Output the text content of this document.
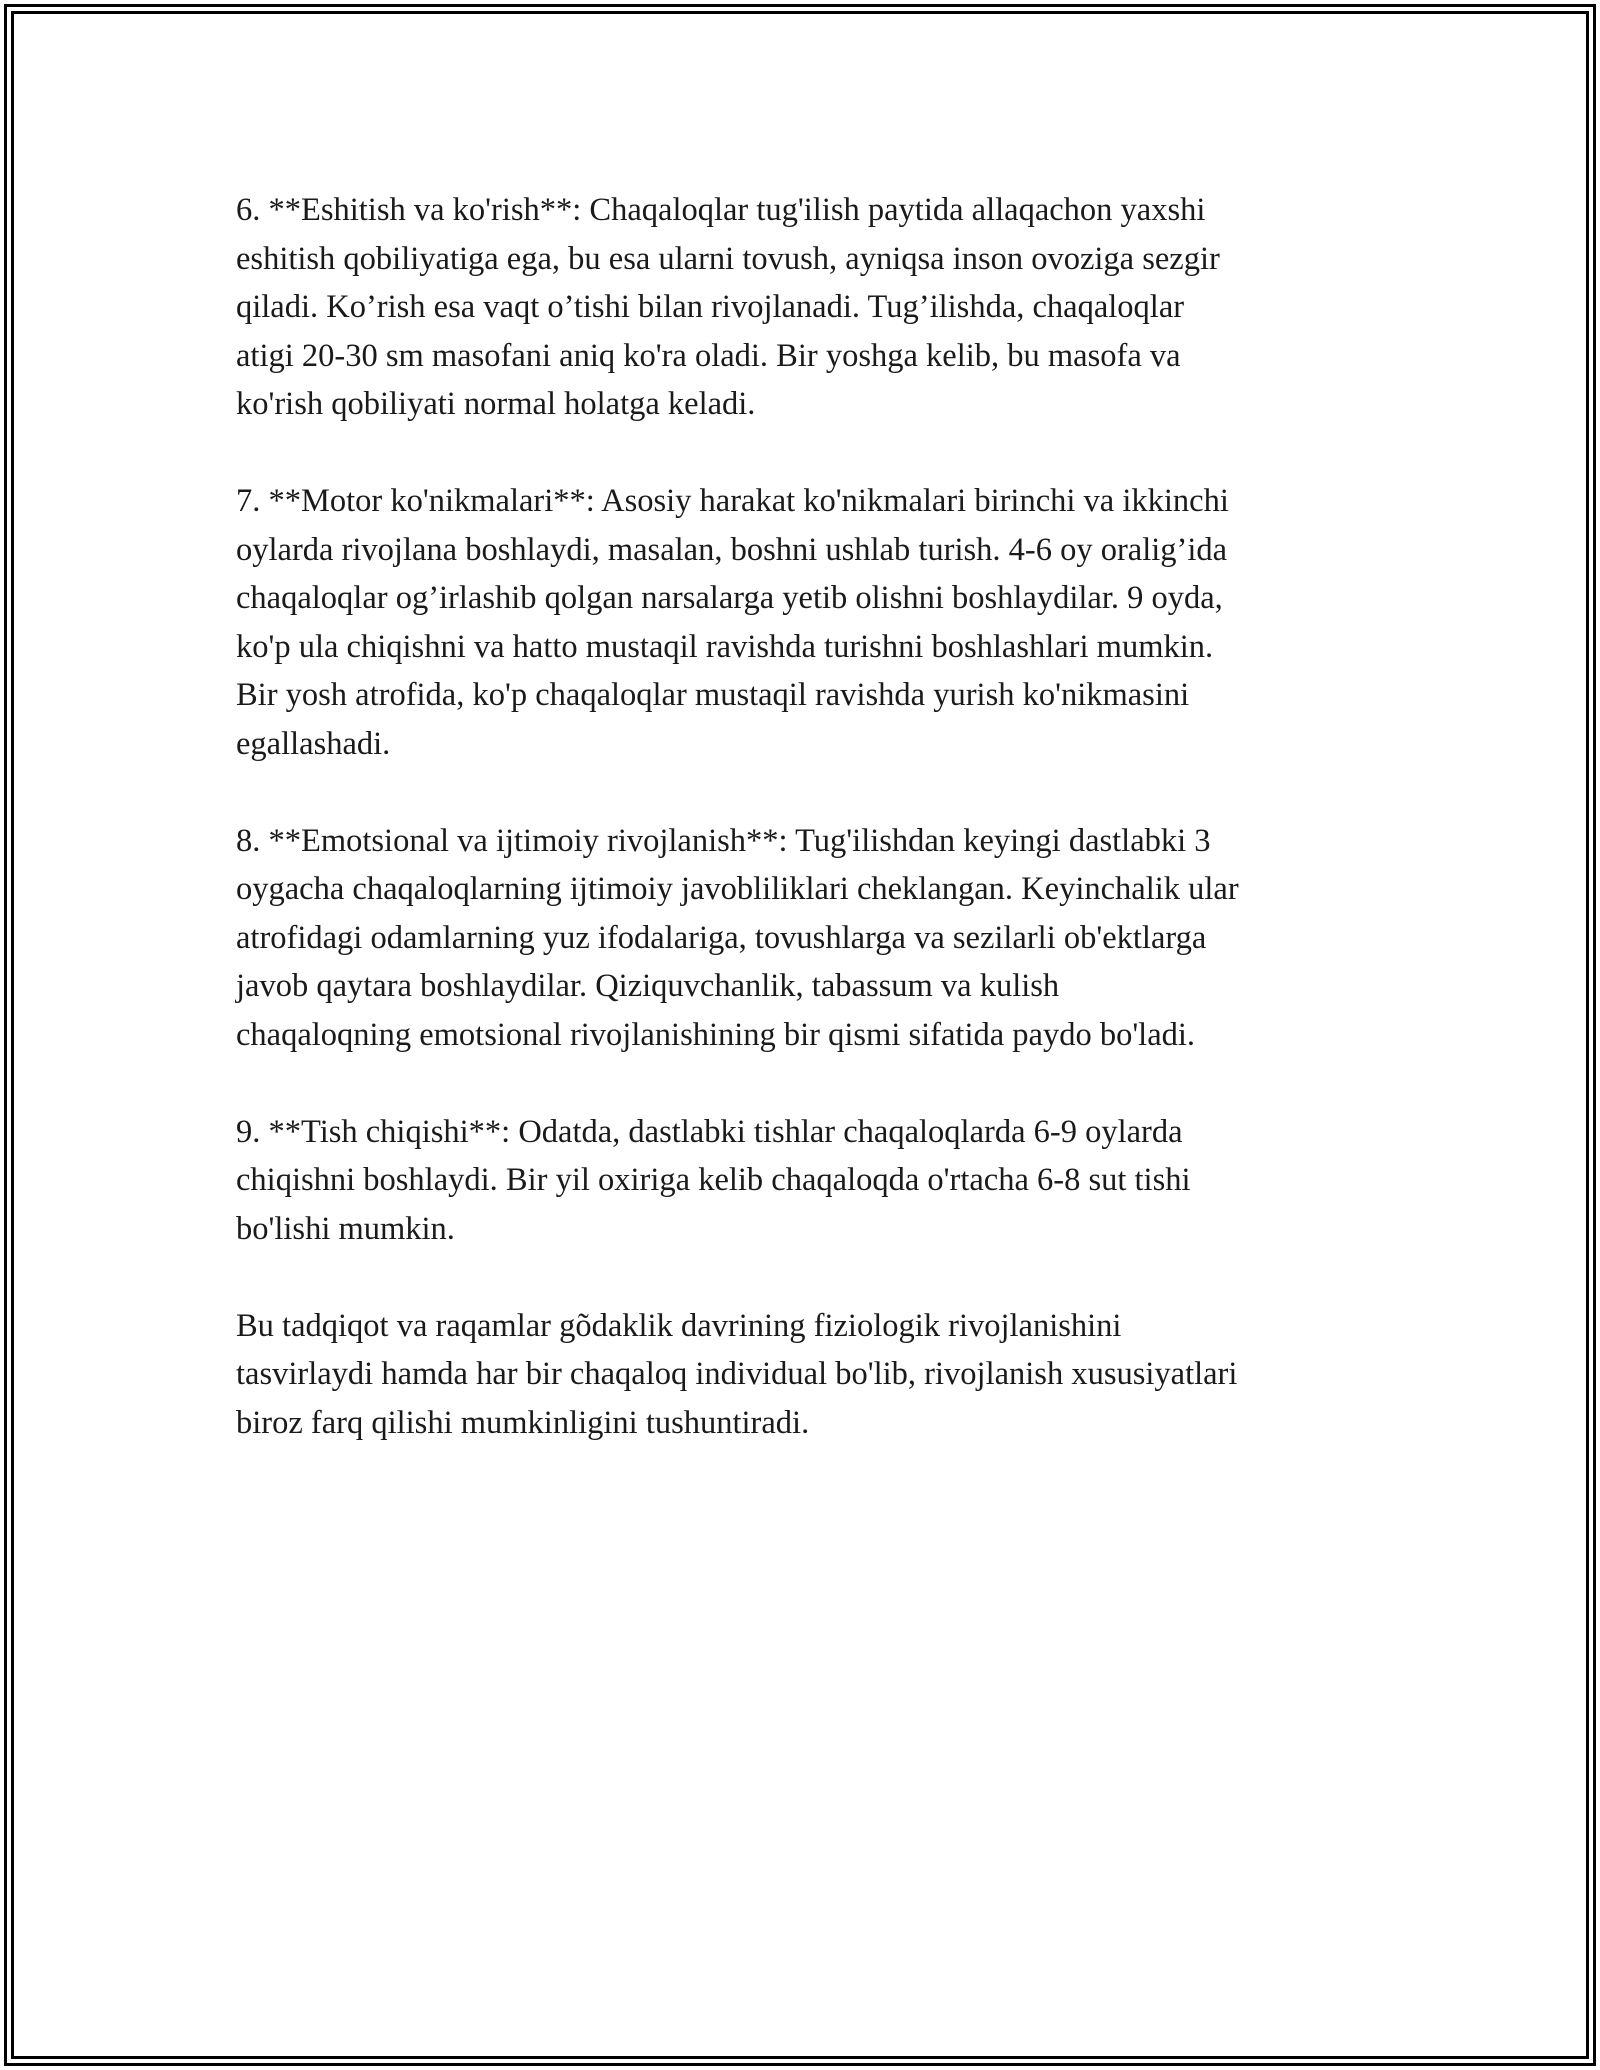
6. **Eshitish va ko'rish**: Chaqaloqlar tug'ilish paytida allaqachon yaxshi
eshitish qobiliyatiga ega, bu esa ularni tovush, ayniqsa inson ovoziga sezgir
qiladi. Ko’rish esa vaqt o’tishi bilan rivojlanadi. Tug’ilishda, chaqaloqlar
atigi 20-30 sm masofani aniq ko'ra oladi. Bir yoshga kelib, bu masofa va
ko'rish qobiliyati normal holatga keladi.

7. **Motor ko'nikmalari**: Asosiy harakat ko'nikmalari birinchi va ikkinchi
oylarda rivojlana boshlaydi, masalan, boshni ushlab turish. 4-6 oy oralig’ida
chaqaloqlar og’irlashib qolgan narsalarga yetib olishni boshlaydilar. 9 oyda,
ko'p ula chiqishni va hatto mustaqil ravishda turishni boshlashlari mumkin.
Bir yosh atrofida, ko'p chaqaloqlar mustaqil ravishda yurish ko'nikmasini
egallashadi.

8. **Emotsional va ijtimoiy rivojlanish**: Tug'ilishdan keyingi dastlabki 3
oygacha chaqaloqlarning ijtimoiy javobliliklari cheklangan. Keyinchalik ular
atrofidagi odamlarning yuz ifodalariga, tovushlarga va sezilarli ob'ektlarga
javob qaytara boshlaydilar. Qiziquvchanlik, tabassum va kulish
chaqaloqning emotsional rivojlanishining bir qismi sifatida paydo bo'ladi.

9. **Tish chiqishi**: Odatda, dastlabki tishlar chaqaloqlarda 6-9 oylarda
chiqishni boshlaydi. Bir yil oxiriga kelib chaqaloqda o'rtacha 6-8 sut tishi
bo'lishi mumkin.

Bu tadqiqot va raqamlar gõdaklik davrining fiziologik rivojlanishini
tasvirlaydi hamda har bir chaqaloq individual bo'lib, rivojlanish xususiyatlari
biroz farq qilishi mumkinligini tushuntiradi.
